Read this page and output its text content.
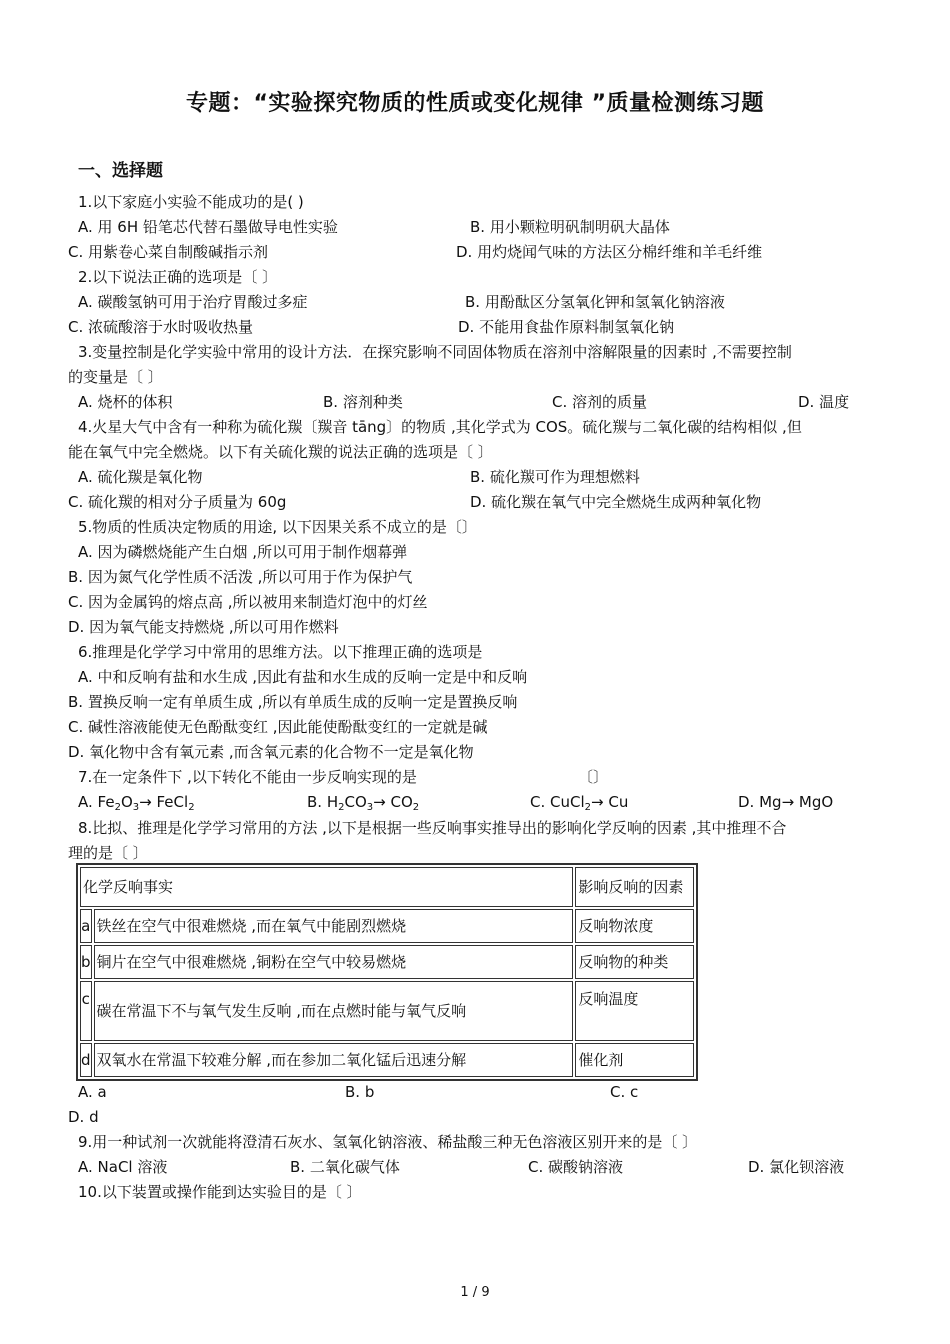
专题：“实验探究物质的性质或变化规律 ”质量检测练习题
一、选择题
1.以下家庭小实验不能成功的是( )
A. 用 6H 铅笔芯代替石墨做导电性实验	B. 用小颗粒明矾制明矾大晶体
C. 用紫卷心菜自制酸碱指示剂	D. 用灼烧闻气味的方法区分棉纤维和羊毛纤维
2.以下说法正确的选项是〔 〕
A. 碳酸氢钠可用于治疗胃酸过多症	B. 用酚酞区分氢氧化钾和氢氧化钠溶液
C. 浓硫酸溶于水时吸收热量	D. 不能用食盐作原料制氢氧化钠
3.变量控制是化学实验中常用的设计方法．在探究影响不同固体物质在溶剂中溶解限量的因素时 ,不需要控制
的变量是〔 〕
A. 烧杯的体积	B. 溶剂种类	C. 溶剂的质量	D. 温度
4.火星大气中含有一种称为硫化羰〔羰音 tāng〕的物质 ,其化学式为 COS。硫化羰与二氧化碳的结构相似 ,但
能在氧气中完全燃烧。以下有关硫化羰的说法正确的选项是〔 〕
A. 硫化羰是氧化物	B. 硫化羰可作为理想燃料
C. 硫化羰的相对分子质量为 60g	D. 硫化羰在氧气中完全燃烧生成两种氧化物
5.物质的性质决定物质的用途, 以下因果关系不成立的是〔〕
A. 因为磷燃烧能产生白烟 ,所以可用于制作烟幕弹
B. 因为氮气化学性质不活泼 ,所以可用于作为保护气
C. 因为金属钨的熔点高 ,所以被用来制造灯泡中的灯丝
D. 因为氧气能支持燃烧 ,所以可用作燃料
6.推理是化学学习中常用的思维方法。以下推理正确的选项是
A. 中和反响有盐和水生成 ,因此有盐和水生成的反响一定是中和反响
B. 置换反响一定有单质生成 ,所以有单质生成的反响一定是置换反响
C. 碱性溶液能使无色酚酞变红 ,因此能使酚酞变红的一定就是碱
D. 氧化物中含有氧元素 ,而含氧元素的化合物不一定是氧化物
7.在一定条件下 ,以下转化不能由一步反响实现的是	〔〕
A. $Fe_2O_3\to$ FeCl$_2$	B. $H_2CO_3\to CO_2$	C. CuCl$_2$→ Cu	D. Mg→ MgO
8.比拟、推理是化学学习常用的方法 ,以下是根据一些反响事实推导出的影响化学反响的因素 ,其中推理不合
理的是〔 〕
化学反响事实		影响反响的因素
a	铁丝在空气中很难燃烧 ,而在氧气中能剧烈燃烧	反响物浓度
b	铜片在空气中很难燃烧 ,铜粉在空气中较易燃烧	反响物的种类
c	碳在常温下不与氧气发生反响 ,而在点燃时能与氧气反响	反响温度
d	双氧水在常温下较难分解 ,而在参加二氧化锰后迅速分解	催化剂
A. a	B. b	C. c
D. d
9.用一种试剂一次就能将澄清石灰水、氢氧化钠溶液、稀盐酸三种无色溶液区别开来的是〔 〕
A. NaCl 溶液	B. 二氧化碳气体	C. 碳酸钠溶液	D. 氯化钡溶液
10.以下装置或操作能到达实验目的是〔 〕
1 / 9
